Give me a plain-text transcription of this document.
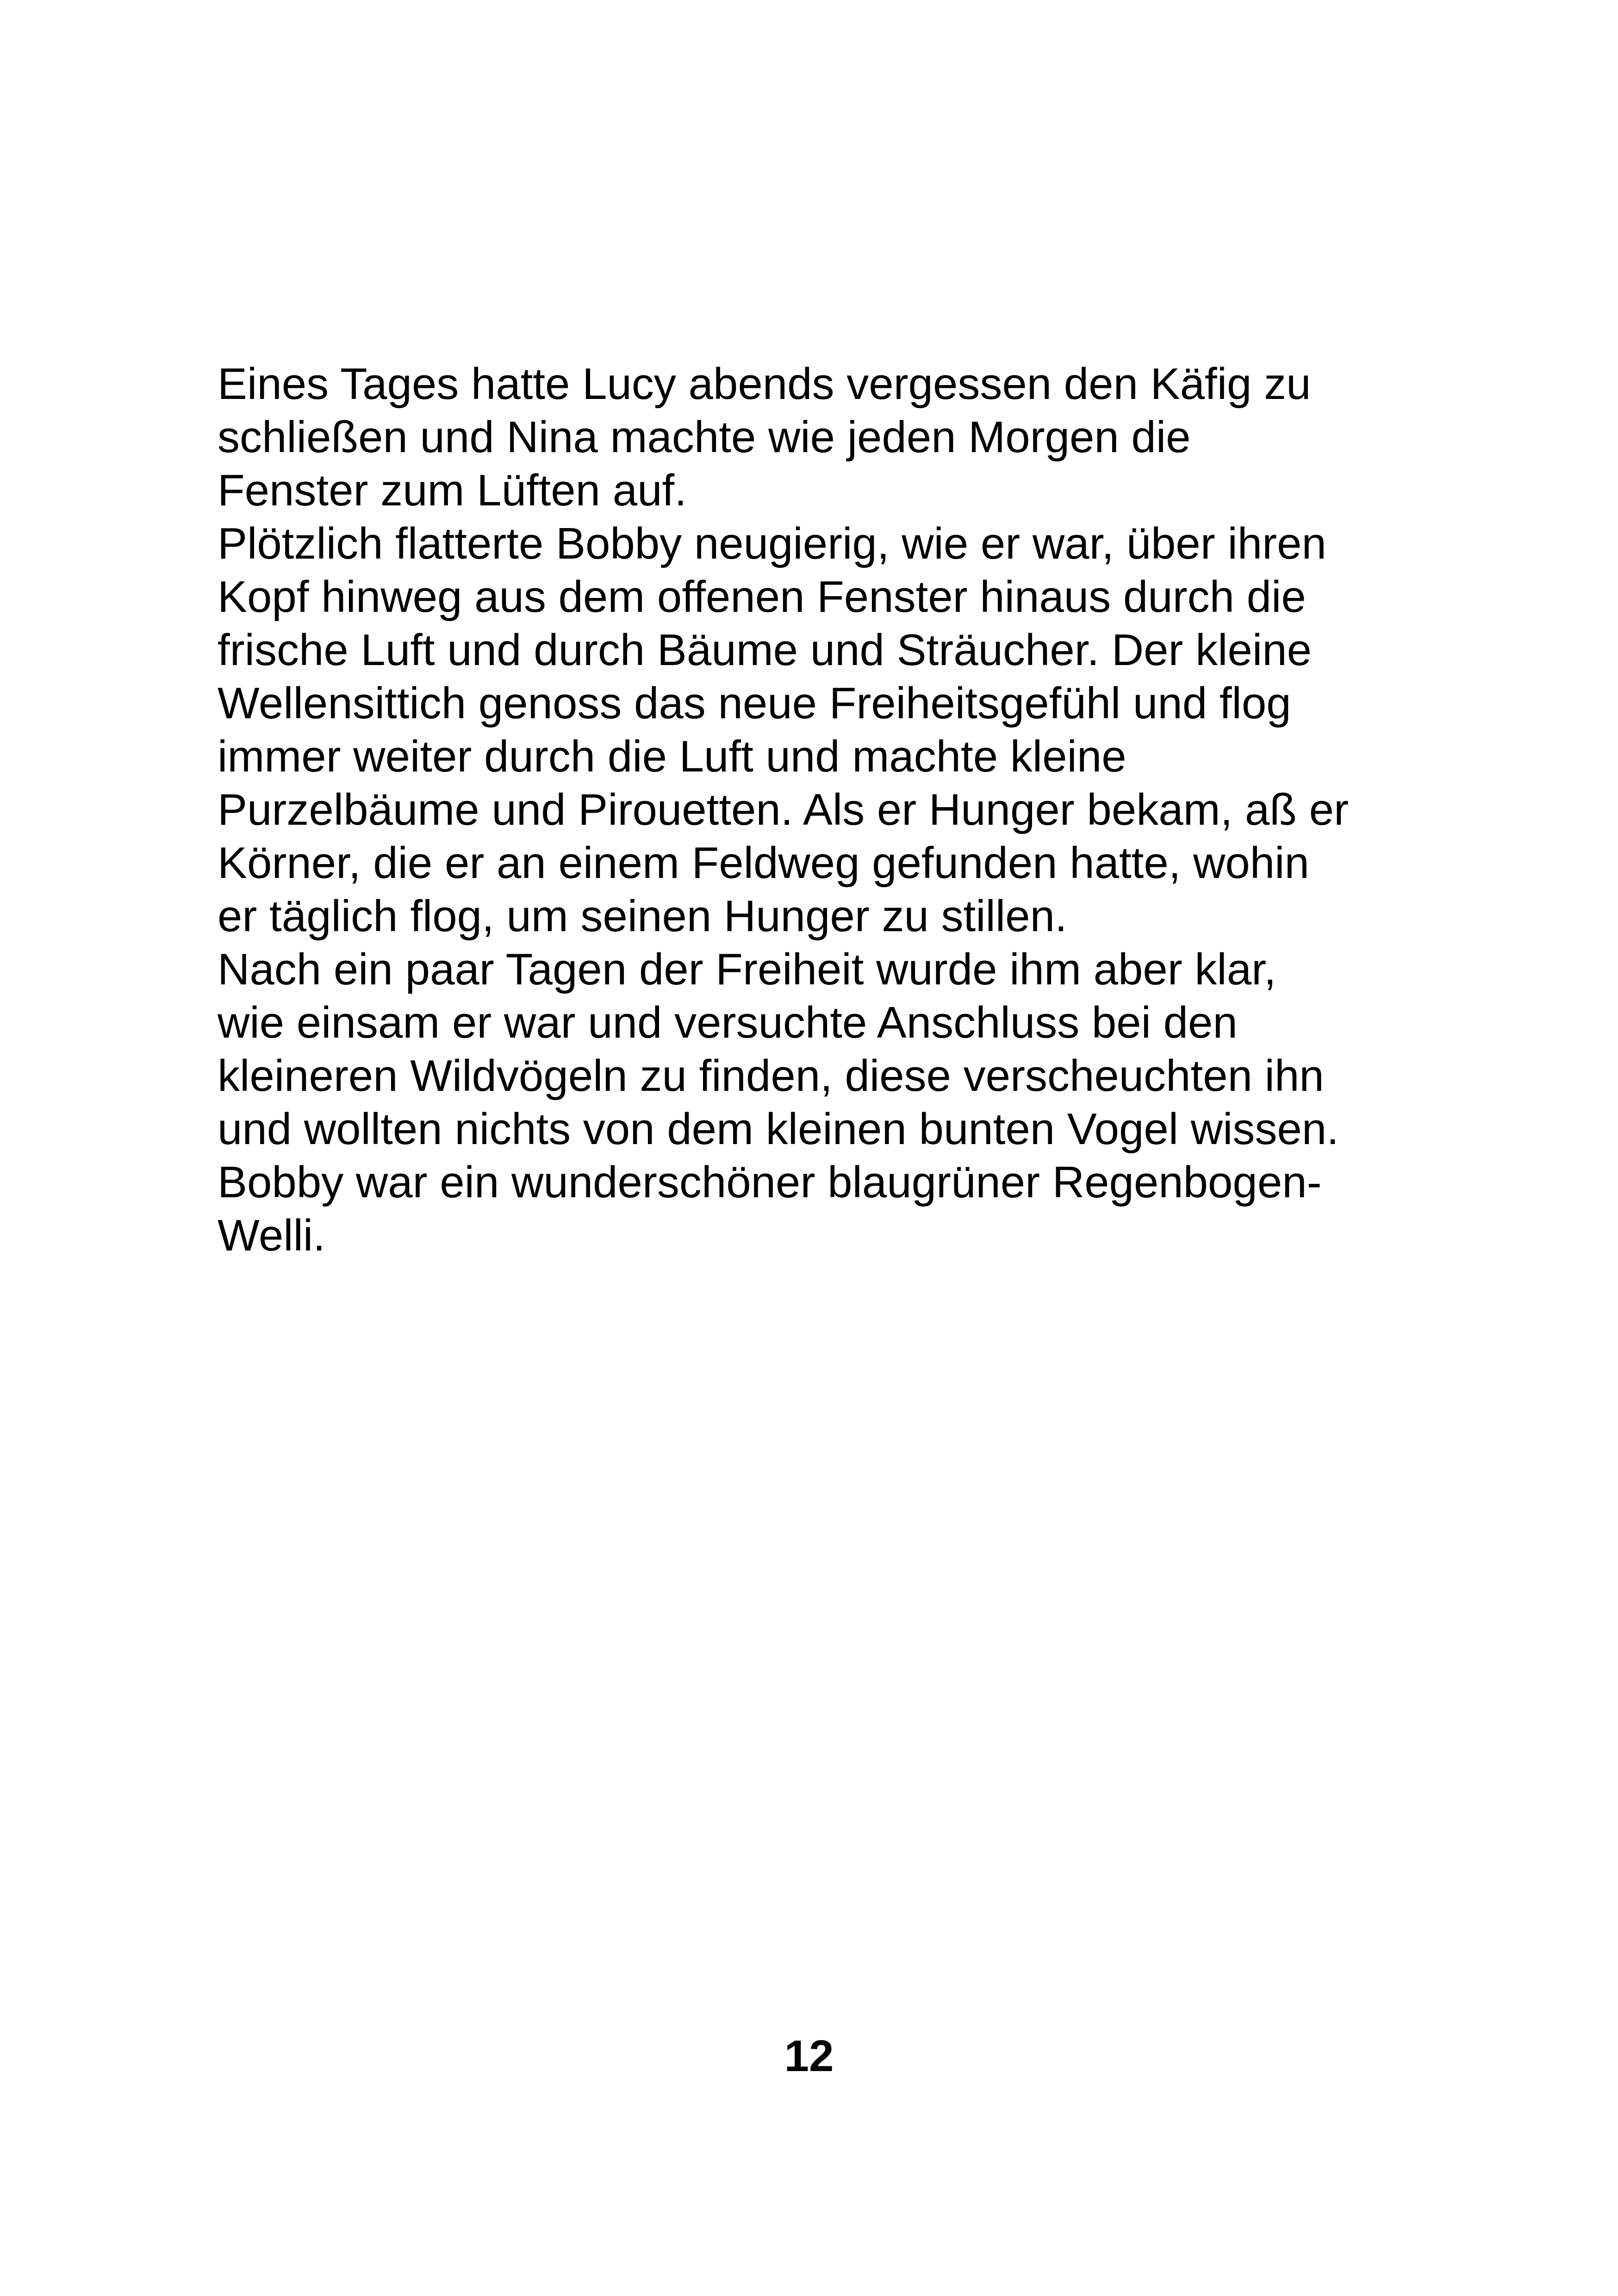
Eines Tages hatte Lucy abends vergessen den Käfig zu
schließen und Nina machte wie jeden Morgen die
Fenster zum Lüften auf.
Plötzlich flatterte Bobby neugierig, wie er war, über ihren
Kopf hinweg aus dem offenen Fenster hinaus durch die
frische Luft und durch Bäume und Sträucher. Der kleine
Wellensittich genoss das neue Freiheitsgefühl und flog
immer weiter durch die Luft und machte kleine
Purzelbäume und Pirouetten. Als er Hunger bekam, aß er
Körner, die er an einem Feldweg gefunden hatte, wohin
er täglich flog, um seinen Hunger zu stillen.
Nach ein paar Tagen der Freiheit wurde ihm aber klar,
wie einsam er war und versuchte Anschluss bei den
kleineren Wildvögeln zu finden, diese verscheuchten ihn
und wollten nichts von dem kleinen bunten Vogel wissen.
Bobby war ein wunderschöner blaugrüner Regenbogen-
Welli.
12
